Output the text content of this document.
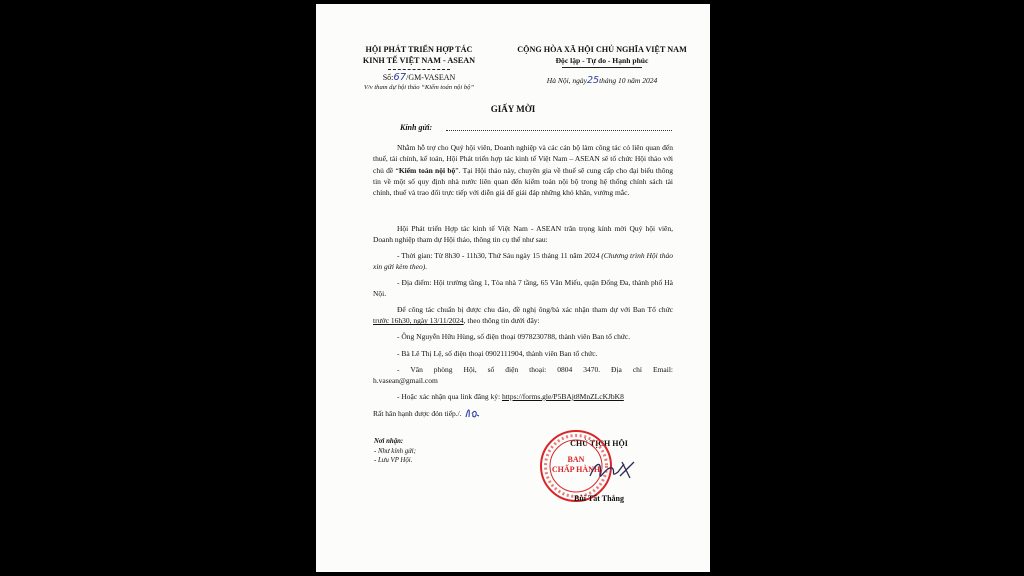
HỘI PHÁT TRIỂN HỢP TÁC
KINH TẾ VIỆT NAM - ASEAN
Số:67/GM-VASEAN
V/v tham dự hội thảo “Kiểm toán nội bộ”
CỘNG HÒA XÃ HỘI CHỦ NGHĨA VIỆT NAM
Độc lập - Tự do - Hạnh phúc
Hà Nội, ngày25tháng 10 năm 2024
GIẤY MỜI
Kính gửi:
Nhằm hỗ trợ cho Quý hội viên, Doanh nghiệp và các cán bộ làm công tác có liên quan đến thuế, tài chính, kế toán, Hội Phát triển hợp tác kinh tế Việt Nam – ASEAN sẽ tổ chức Hội thảo với chủ đề “Kiểm toán nội bộ”. Tại Hội thảo này, chuyên gia về thuế sẽ cung cấp cho đại biểu thông tin về một số quy định nhà nước liên quan đến kiểm toán nội bộ trong hệ thống chính sách tài chính, thuế và trao đổi trực tiếp với diễn giả để giải đáp những khó khăn, vướng mắc.
Hội Phát triển Hợp tác kinh tế Việt Nam - ASEAN trân trọng kính mời Quý hội viên, Doanh nghiệp tham dự Hội thảo, thông tin cụ thể như sau:
- Thời gian: Từ 8h30 - 11h30, Thứ Sáu ngày 15 tháng 11 năm 2024 (Chương trình Hội thảo xin gửi kèm theo).
- Địa điểm: Hội trường tầng 1, Tòa nhà 7 tầng, 65 Văn Miếu, quận Đống Đa, thành phố Hà Nội.
Để công tác chuẩn bị được chu đáo, đề nghị ông/bà xác nhận tham dự với Ban Tổ chức trước 16h30, ngày 13/11/2024, theo thông tin dưới đây:
- Ông Nguyễn Hữu Hùng, số điện thoại 0978230788, thành viên Ban tổ chức.
- Bà Lê Thị Lệ, số điện thoại 0902111904, thành viên Ban tổ chức.
- Văn phòng Hội, số điện thoại: 0804 3470. Địa chỉ Email:
h.vasean@gmail.com
- Hoặc xác nhận qua link đăng ký: https://forms.gle/P5BAjt8MnZLcKJbK8
Rất hân hạnh được đón tiếp./.
Nơi nhận:
- Như kính gửi;
- Lưu VP Hội.
CHỦ TỊCH HỘI
BAN
CHẤP HÀNH
Bùi Tất Thắng
